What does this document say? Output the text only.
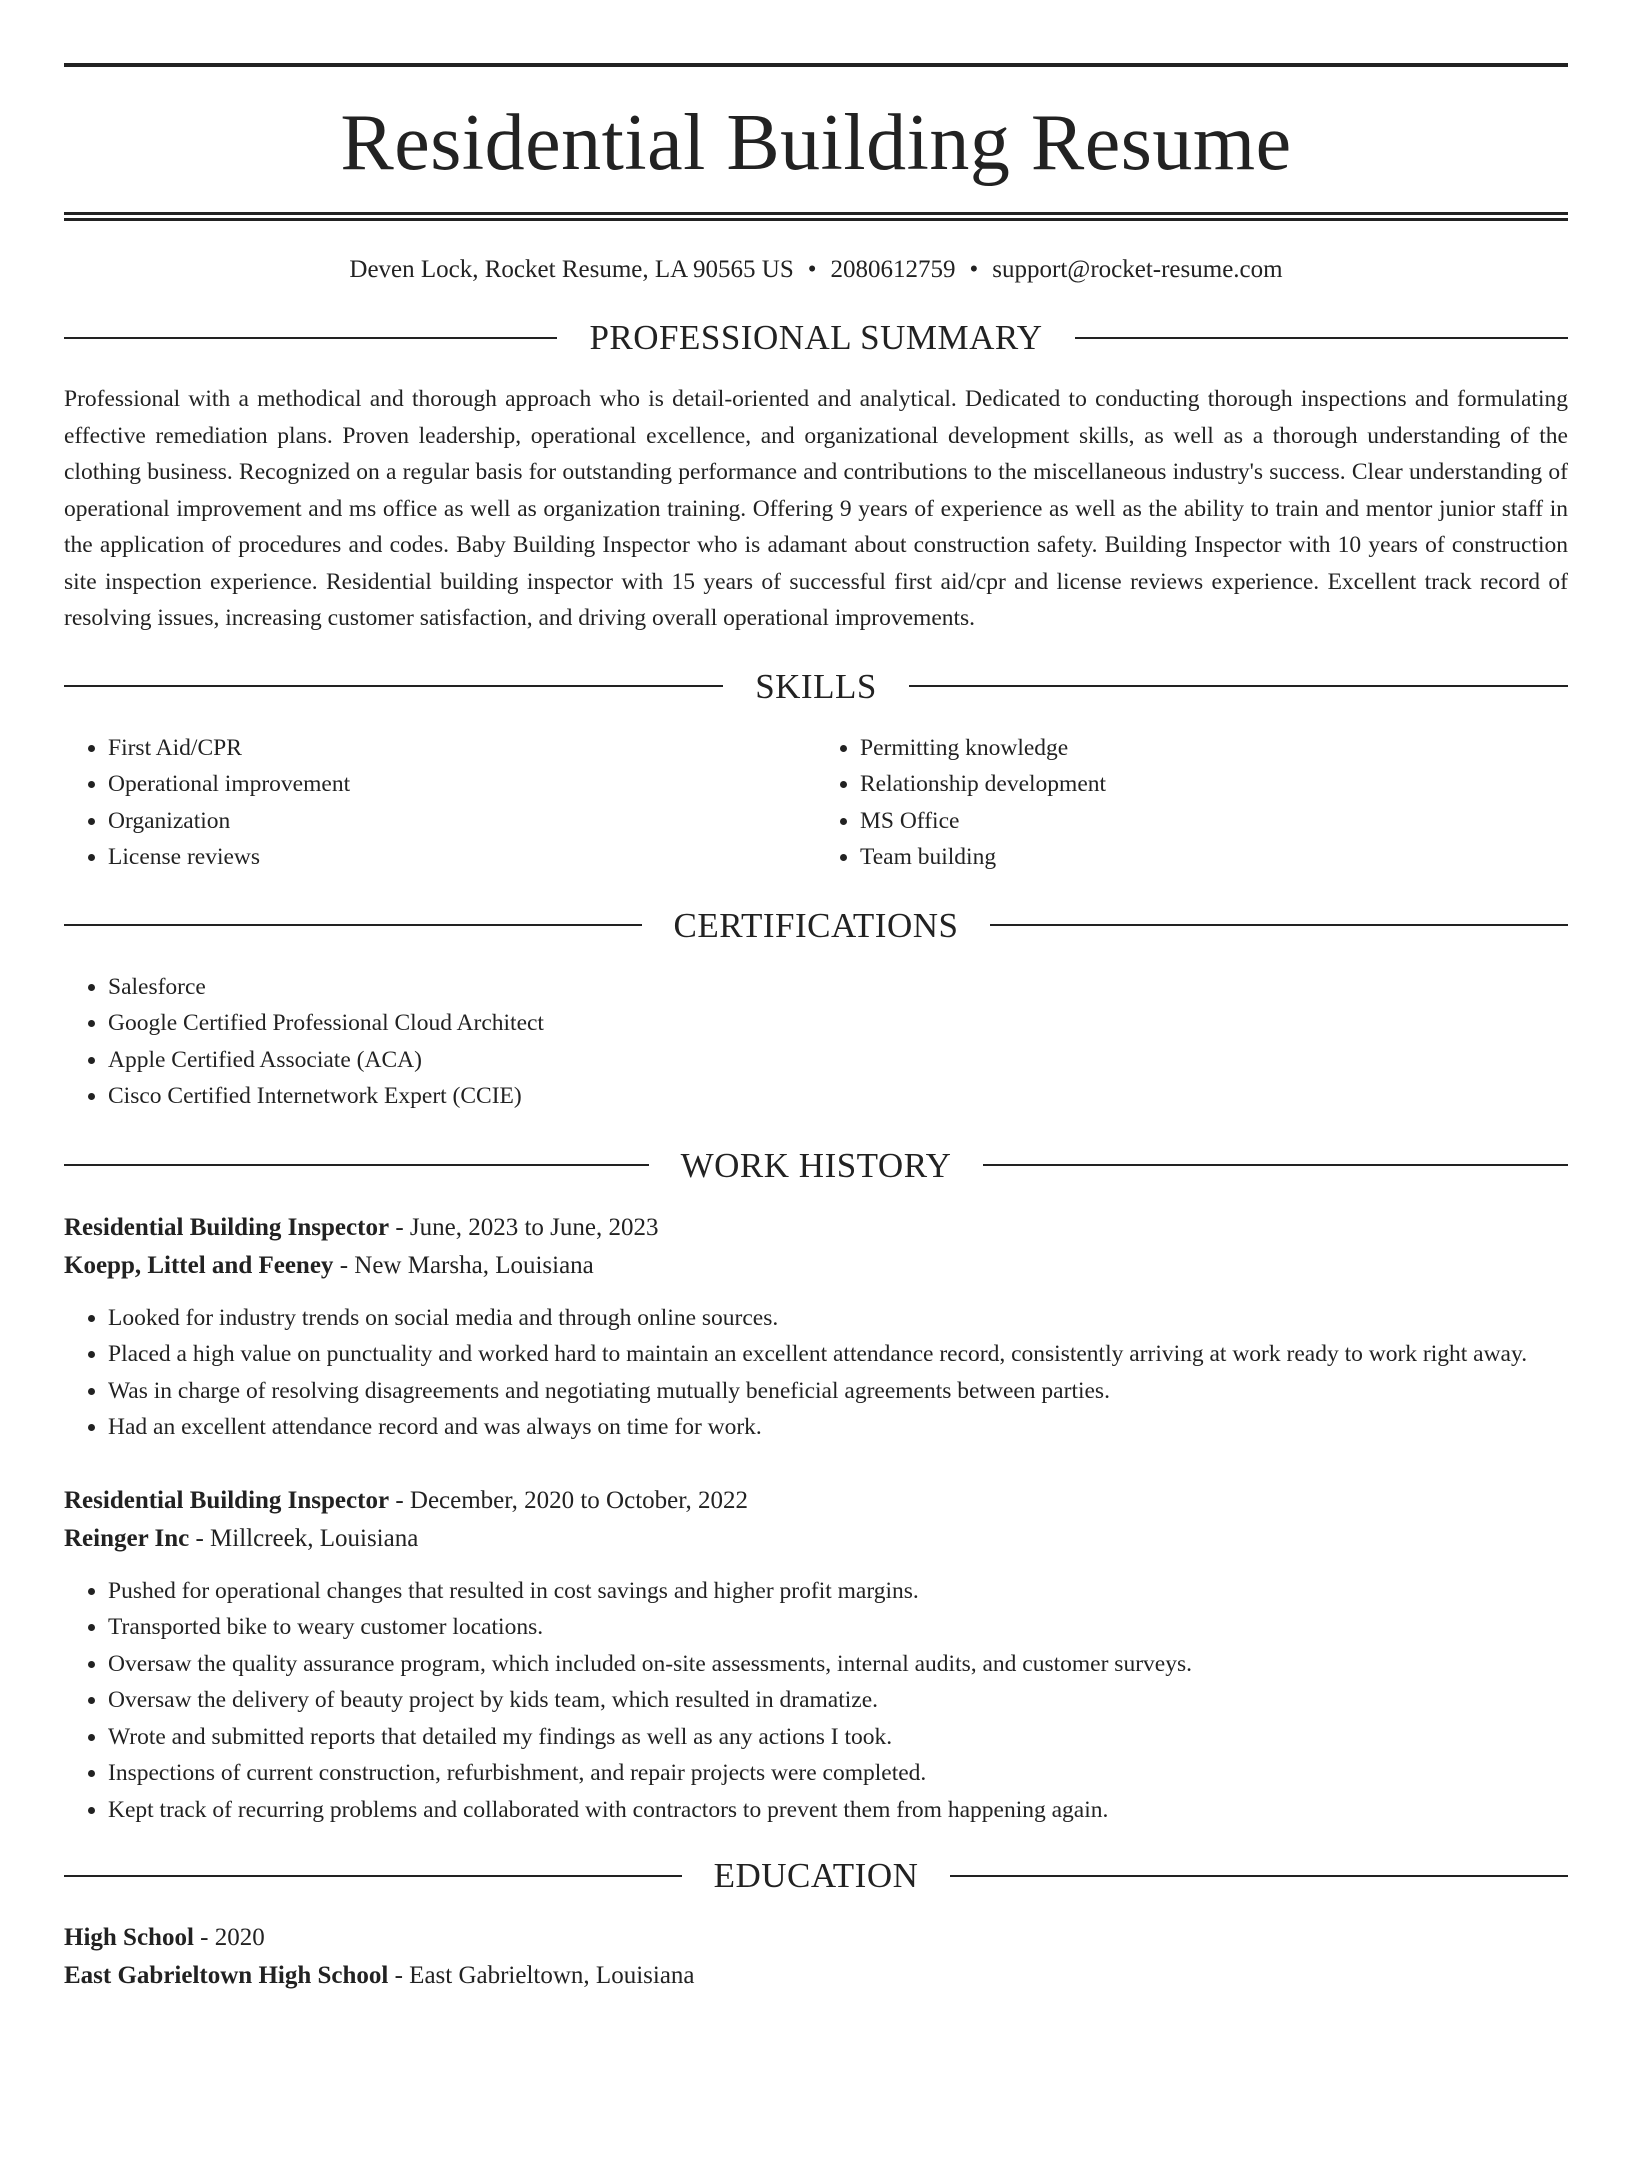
Residential Building Resume
Deven Lock, Rocket Resume, LA 90565 US • 2080612759 • support@rocket-resume.com
PROFESSIONAL SUMMARY

Professional with a methodical and thorough approach who is detail-oriented and analytical. Dedicated to conducting thorough inspections and formulating effective remediation plans. Proven leadership, operational excellence, and organizational development skills, as well as a thorough understanding of the clothing business. Recognized on a regular basis for outstanding performance and contributions to the miscellaneous industry's success. Clear understanding of operational improvement and ms office as well as organization training. Offering 9 years of experience as well as the ability to train and mentor junior staff in the application of procedures and codes. Baby Building Inspector who is adamant about construction safety. Building Inspector with 10 years of construction site inspection experience. Residential building inspector with 15 years of successful first aid/cpr and license reviews experience. Excellent track record of resolving issues, increasing customer satisfaction, and driving overall operational improvements.

SKILLS
• First Aid/CPR
• Operational improvement
• Organization
• License reviews
• Permitting knowledge
• Relationship development
• MS Office
• Team building
CERTIFICATIONS
• Salesforce
• Google Certified Professional Cloud Architect
• Apple Certified Associate (ACA)
• Cisco Certified Internetwork Expert (CCIE)
WORK HISTORY
Residential Building Inspector - June, 2023 to June, 2023
Koepp, Littel and Feeney - New Marsha, Louisiana
• Looked for industry trends on social media and through online sources.
• Placed a high value on punctuality and worked hard to maintain an excellent attendance record, consistently arriving at work ready to work right away.
• Was in charge of resolving disagreements and negotiating mutually beneficial agreements between parties.
• Had an excellent attendance record and was always on time for work.
Residential Building Inspector - December, 2020 to October, 2022
Reinger Inc - Millcreek, Louisiana
• Pushed for operational changes that resulted in cost savings and higher profit margins.
• Transported bike to weary customer locations.
• Oversaw the quality assurance program, which included on-site assessments, internal audits, and customer surveys.
• Oversaw the delivery of beauty project by kids team, which resulted in dramatize.
• Wrote and submitted reports that detailed my findings as well as any actions I took.
• Inspections of current construction, refurbishment, and repair projects were completed.
• Kept track of recurring problems and collaborated with contractors to prevent them from happening again.
EDUCATION
High School - 2020
East Gabrieltown High School - East Gabrieltown, Louisiana
